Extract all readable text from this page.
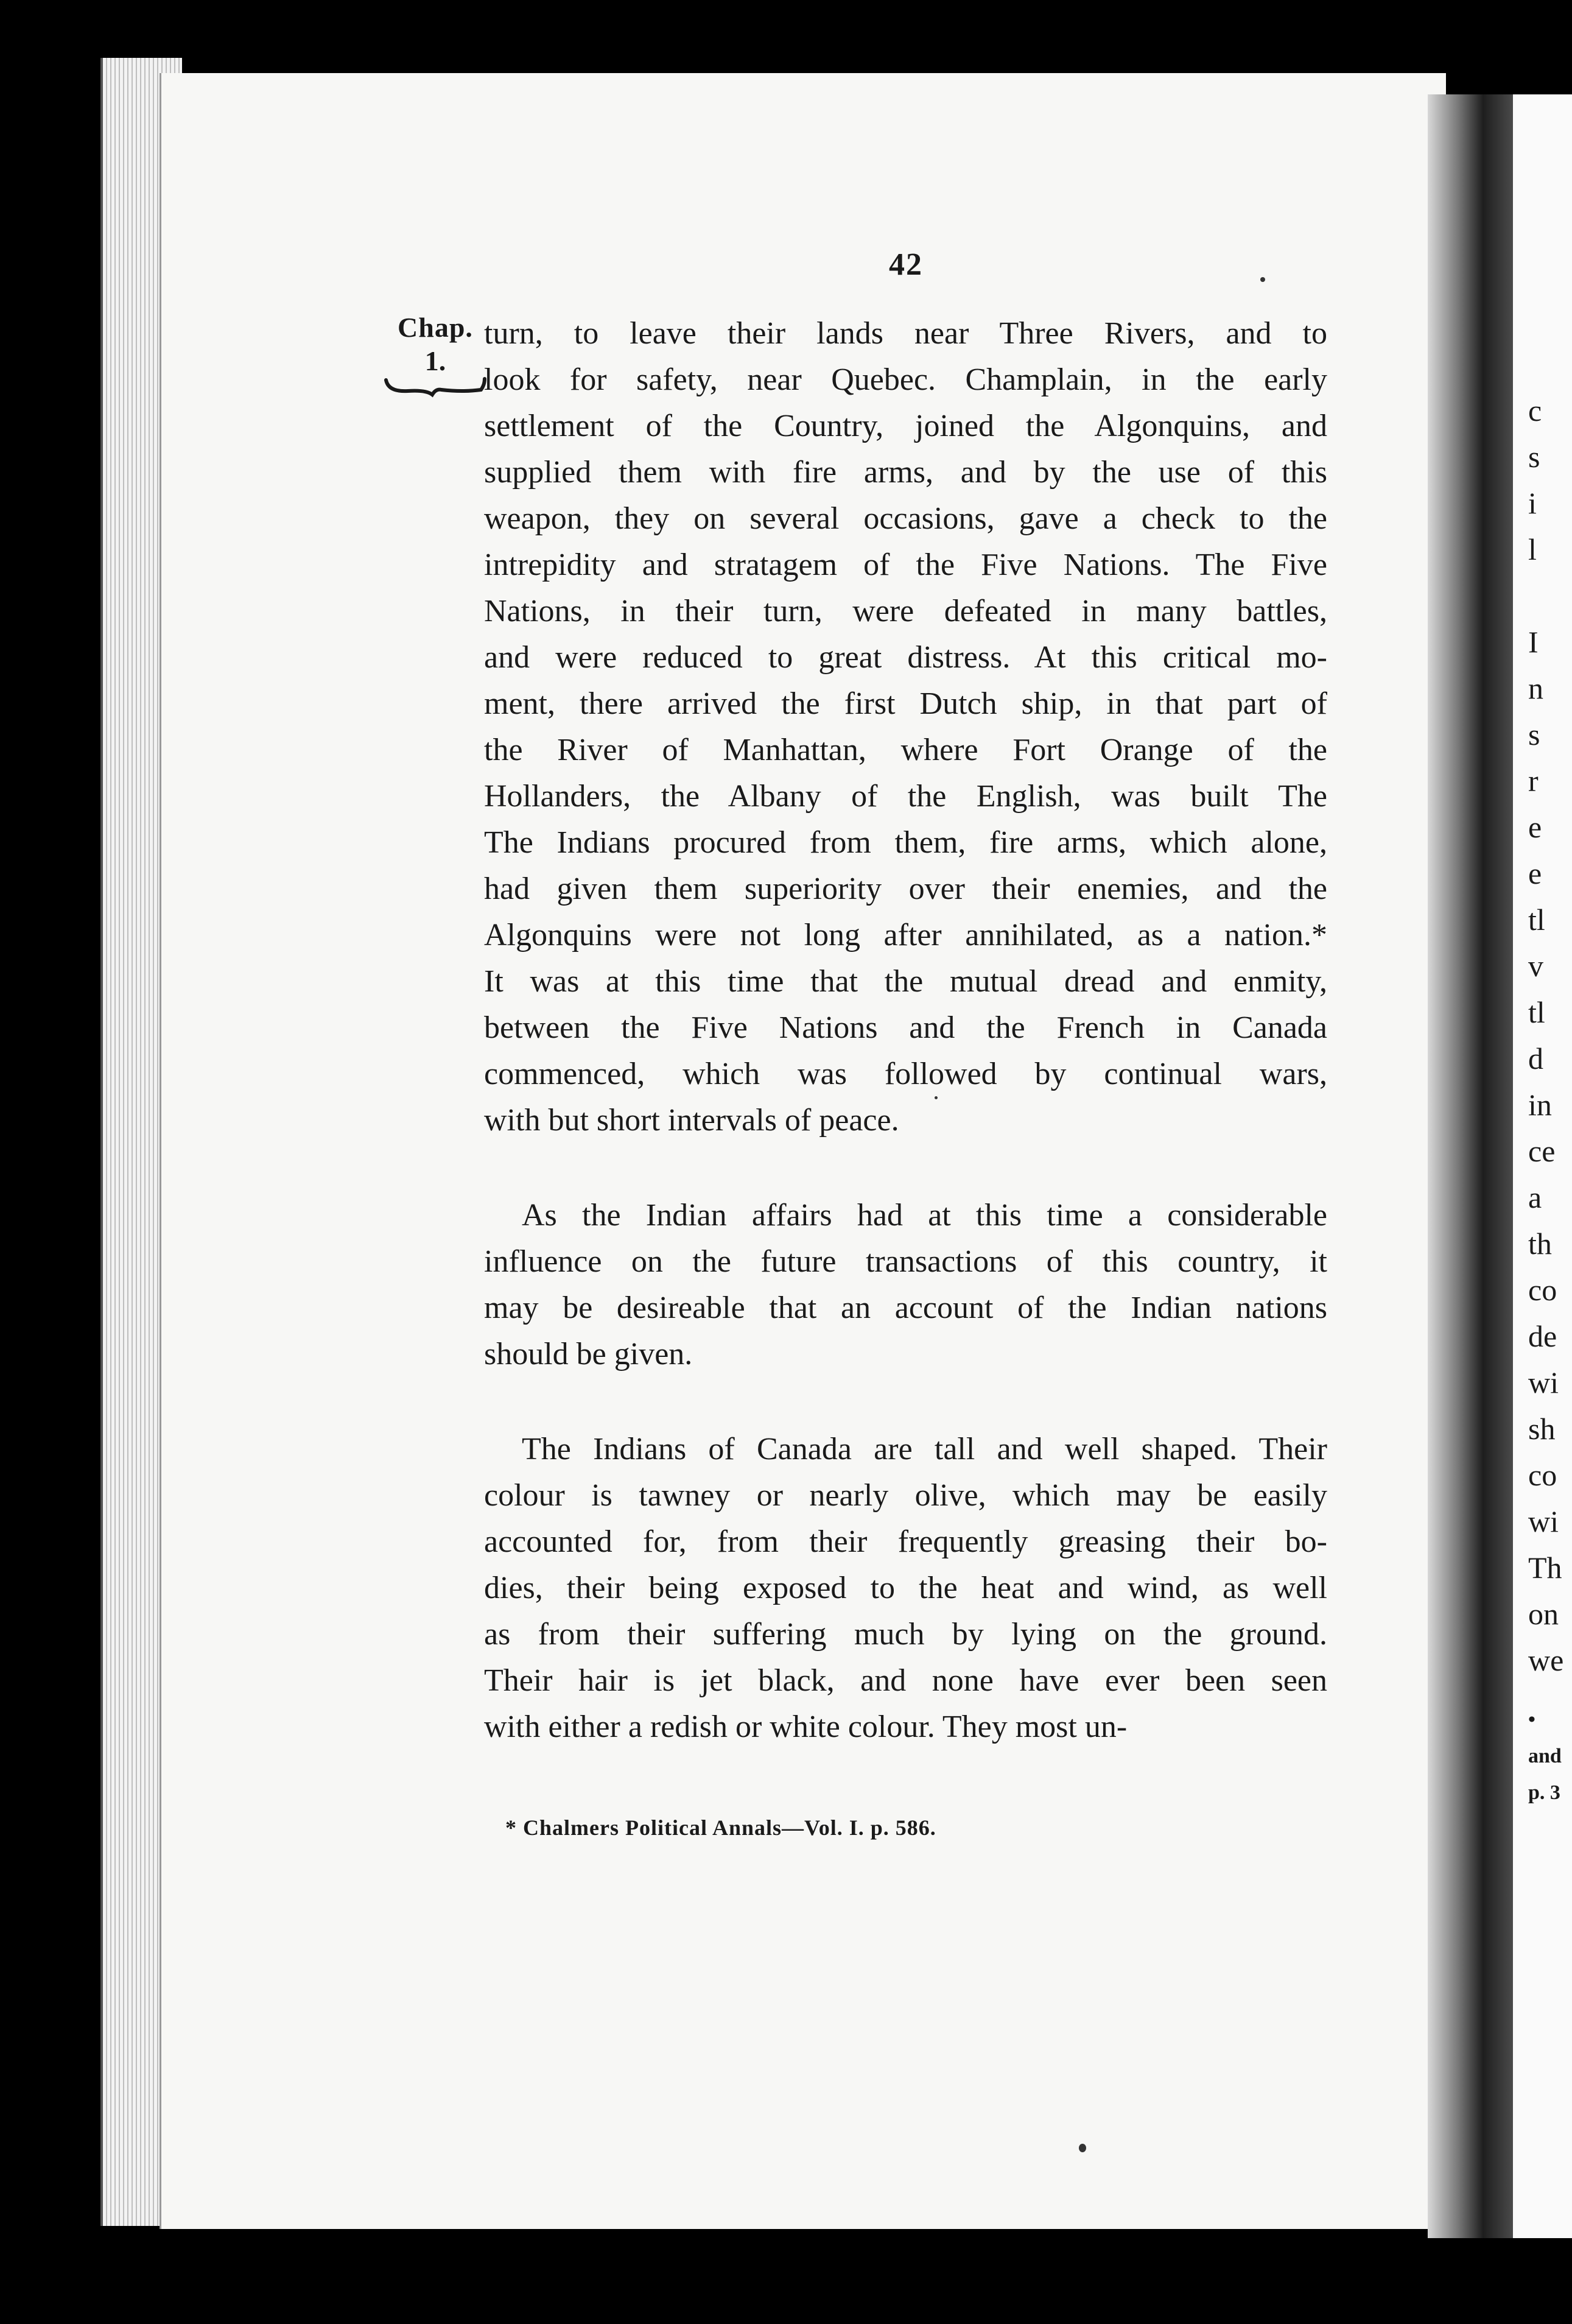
42
Chap.
1.
turn, to leave their lands near Three Rivers, and to
look for safety, near Quebec. Champlain, in the early
settlement of the Country, joined the Algonquins, and
supplied them with fire arms, and by the use of this
weapon, they on several occasions, gave a check to the
intrepidity and stratagem of the Five Nations. The Five
Nations, in their turn, were defeated in many battles,
and were reduced to great distress. At this critical mo-
ment, there arrived the first Dutch ship, in that part of
the River of Manhattan, where Fort Orange of the
Hollanders, the Albany of the English, was built The
The Indians procured from them, fire arms, which alone,
had given them superiority over their enemies, and the
Algonquins were not long after annihilated, as a nation.*
It was at this time that the mutual dread and enmity,
between the Five Nations and the French in Canada
commenced, which was followed by continual wars,
with but short intervals of peace.
As the Indian affairs had at this time a considerable
influence on the future transactions of this country, it
may be desireable that an account of the Indian nations
should be given.
The Indians of Canada are tall and well shaped. Their
colour is tawney or nearly olive, which may be easily
accounted for, from their frequently greasing their bo-
dies, their being exposed to the heat and wind, as well
as from their suffering much by lying on the ground.
Their hair is jet black, and none have ever been seen
with either a redish or white colour. They most un-
* Chalmers Political Annals—Vol. I. p. 586.

c
s
i
l

I
n
s
r
e
e
tl
v
tl
d
in
ce
a
th
co
de
wi
sh
co
wi
Th
on
we
•
and
p. 3
